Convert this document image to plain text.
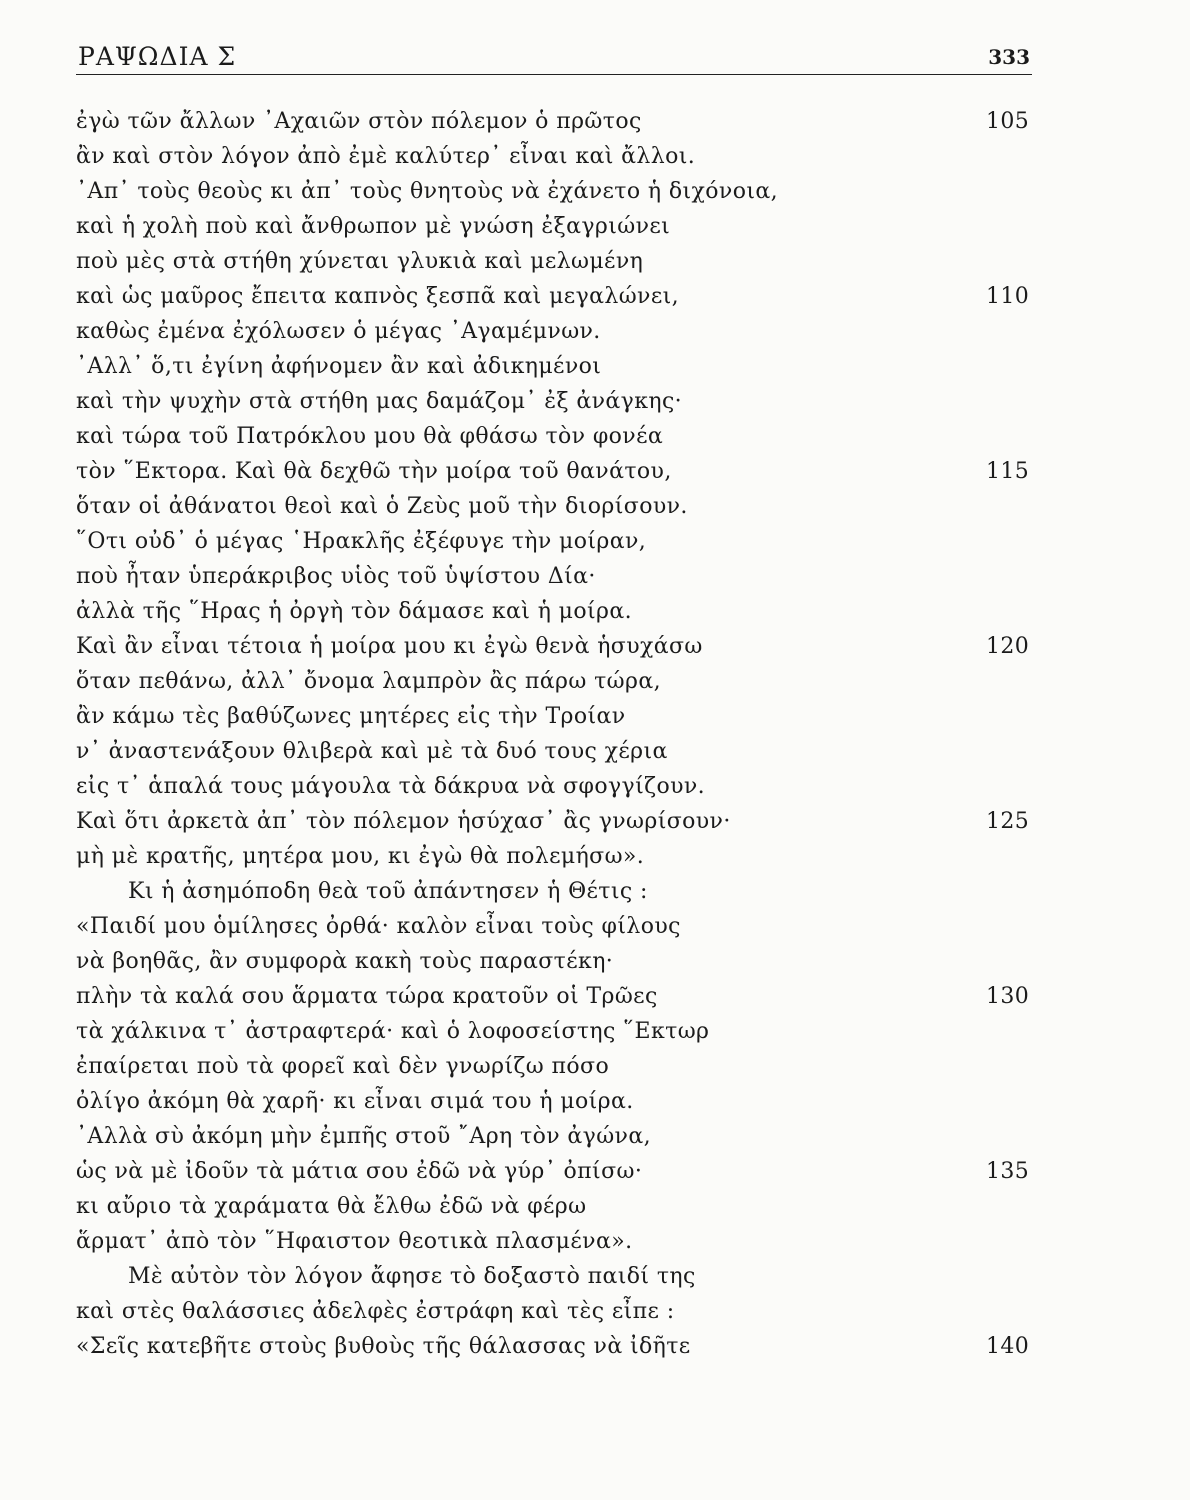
ΡΑΨΩΔΙΑ Σ	333
ἐγὼ τῶν ἄλλων ᾿Αχαιῶν στὸν πόλεμον ὁ πρῶτος	105
ἂν καὶ στὸν λόγον ἀπὸ ἐμὲ καλύτερ᾿ εἶναι καὶ ἄλλοι.
᾿Απ᾿ τοὺς θεοὺς κι ἀπ᾿ τοὺς θνητοὺς νὰ ἐχάνετο ἡ διχόνοια,
καὶ ἡ χολὴ ποὺ καὶ ἄνθρωπον μὲ γνώση ἐξαγριώνει
ποὺ μὲς στὰ στήθη χύνεται γλυκιὰ καὶ μελωμένη
καὶ ὡς μαῦρος ἔπειτα καπνὸς ξεσπᾶ καὶ μεγαλώνει,	110
καθὼς ἐμένα ἐχόλωσεν ὁ μέγας ᾿Αγαμέμνων.
᾿Αλλ᾿ ὅ,τι ἐγίνη ἀφήνομεν ἂν καὶ ἀδικημένοι
καὶ τὴν ψυχὴν στὰ στήθη μας δαμάζομ᾿ ἐξ ἀνάγκης·
καὶ τώρα τοῦ Πατρόκλου μου θὰ φθάσω τὸν φονέα
τὸν ῞Εκτορα. Καὶ θὰ δεχθῶ τὴν μοίρα τοῦ θανάτου,	115
ὅταν οἱ ἀθάνατοι θεοὶ καὶ ὁ Ζεὺς μοῦ τὴν διορίσουν.
῞Οτι οὐδ᾿ ὁ μέγας ῾Ηρακλῆς ἐξέφυγε τὴν μοίραν,
ποὺ ἦταν ὑπεράκριβος υἱὸς τοῦ ὑψίστου Δία·
ἀλλὰ τῆς ῞Ηρας ἡ ὀργὴ τὸν δάμασε καὶ ἡ μοίρα.
Καὶ ἂν εἶναι τέτοια ἡ μοίρα μου κι ἐγὼ θενὰ ἡσυχάσω	120
ὅταν πεθάνω, ἀλλ᾿ ὄνομα λαμπρὸν ἂς πάρω τώρα,
ἂν κάμω τὲς βαθύζωνες μητέρες εἰς τὴν Τροίαν
ν᾿ ἀναστενάξουν θλιβερὰ καὶ μὲ τὰ δυό τους χέρια
εἰς τ᾿ ἁπαλά τους μάγουλα τὰ δάκρυα νὰ σφογγίζουν.
Καὶ ὅτι ἀρκετὰ ἀπ᾿ τὸν πόλεμον ἡσύχασ᾿ ἂς γνωρίσουν·	125
μὴ μὲ κρατῆς, μητέρα μου, κι ἐγὼ θὰ πολεμήσω».
Κι ἡ ἀσημόποδη θεὰ τοῦ ἀπάντησεν ἡ Θέτις :
«Παιδί μου ὁμίλησες ὀρθά· καλὸν εἶναι τοὺς φίλους
νὰ βοηθᾶς, ἂν συμφορὰ κακὴ τοὺς παραστέκη·
πλὴν τὰ καλά σου ἅρματα τώρα κρατοῦν οἱ Τρῶες	130
τὰ χάλκινα τ᾿ ἀστραφτερά· καὶ ὁ λοφοσείστης ῞Εκτωρ
ἐπαίρεται ποὺ τὰ φορεῖ καὶ δὲν γνωρίζω πόσο
ὀλίγο ἀκόμη θὰ χαρῆ· κι εἶναι σιμά του ἡ μοίρα.
᾿Αλλὰ σὺ ἀκόμη μὴν ἐμπῆς στοῦ ῎Αρη τὸν ἀγώνα,
ὡς νὰ μὲ ἰδοῦν τὰ μάτια σου ἐδῶ νὰ γύρ᾿ ὀπίσω·	135
κι αὔριο τὰ χαράματα θὰ ἔλθω ἐδῶ νὰ φέρω
ἅρματ᾿ ἀπὸ τὸν ῞Ηφαιστον θεοτικὰ πλασμένα».
Μὲ αὐτὸν τὸν λόγον ἄφησε τὸ δοξαστὸ παιδί της
καὶ στὲς θαλάσσιες ἀδελφὲς ἐστράφη καὶ τὲς εἶπε :
«Σεῖς κατεβῆτε στοὺς βυθοὺς τῆς θάλασσας νὰ ἰδῆτε	140
